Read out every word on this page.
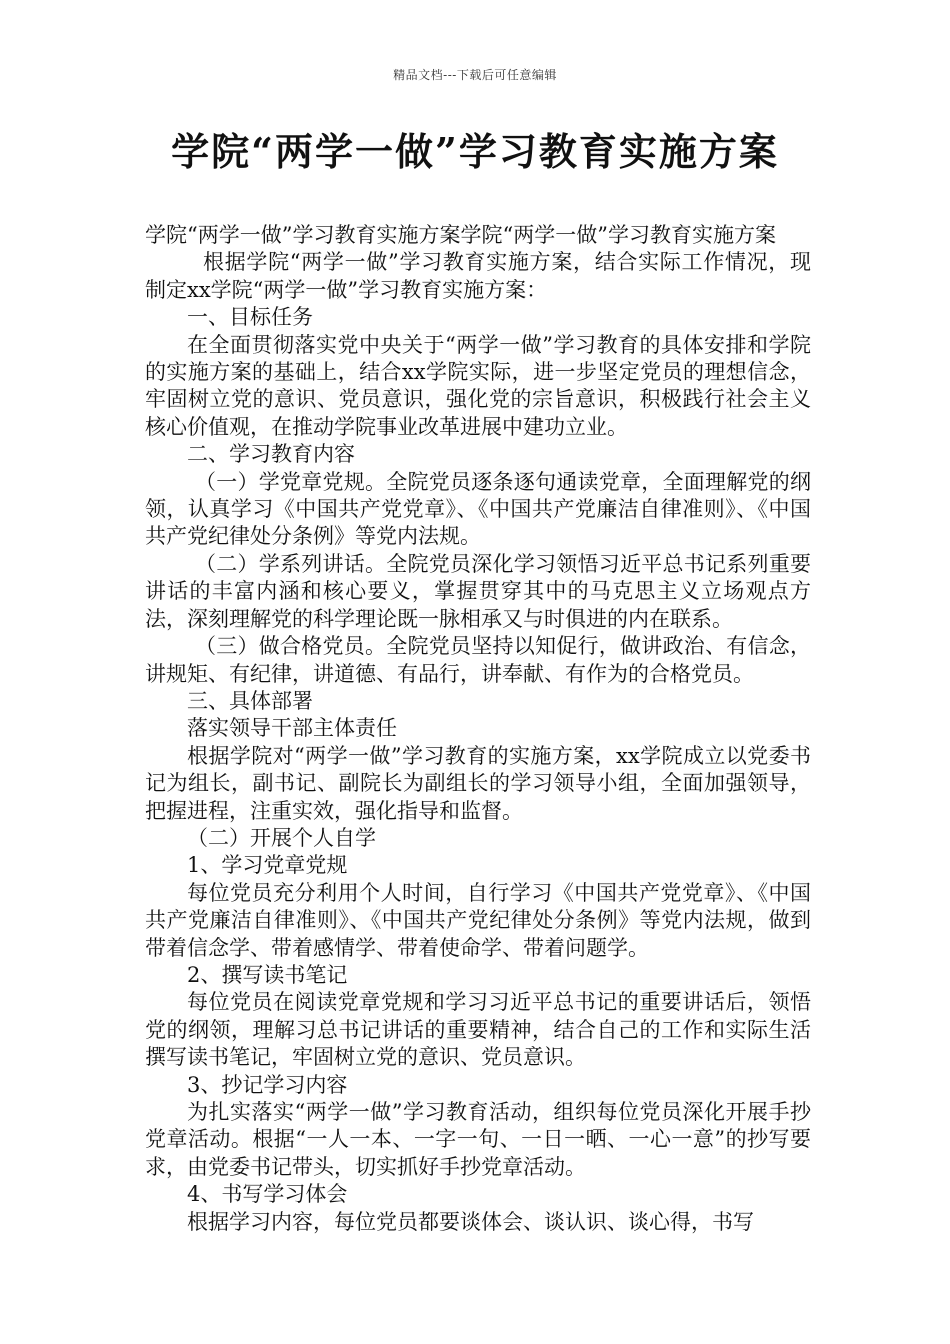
精品文档---下载后可任意编辑
学院“两学一做”学习教育实施方案

学院“两学一做”学习教育实施方案学院“两学一做”学习教育实施方案

根据学院“两学一做”学习教育实施方案，结合实际工作情况，现制定xx学院“两学一做”学习教育实施方案：

一、目标任务

在全面贯彻落实党中央关于“两学一做”学习教育的具体安排和学院的实施方案的基础上，结合xx学院实际，进一步坚定党员的理想信念，牢固树立党的意识、党员意识，强化党的宗旨意识，积极践行社会主义核心价值观，在推动学院事业改革进展中建功立业。

二、学习教育内容

（一）学党章党规。全院党员逐条逐句通读党章，全面理解党的纲领，认真学习《中国共产党党章》、《中国共产党廉洁自律准则》、《中国共产党纪律处分条例》等党内法规。

（二）学系列讲话。全院党员深化学习领悟习近平总书记系列重要讲话的丰富内涵和核心要义，掌握贯穿其中的马克思主义立场观点方法，深刻理解党的科学理论既一脉相承又与时俱进的内在联系。

（三）做合格党员。全院党员坚持以知促行，做讲政治、有信念，讲规矩、有纪律，讲道德、有品行，讲奉献、有作为的合格党员。

三、具体部署

落实领导干部主体责任

根据学院对“两学一做”学习教育的实施方案，xx学院成立以党委书记为组长，副书记、副院长为副组长的学习领导小组，全面加强领导，把握进程，注重实效，强化指导和监督。

（二）开展个人自学

1、学习党章党规

每位党员充分利用个人时间，自行学习《中国共产党党章》、《中国共产党廉洁自律准则》、《中国共产党纪律处分条例》等党内法规，做到带着信念学、带着感情学、带着使命学、带着问题学。

2、撰写读书笔记

每位党员在阅读党章党规和学习习近平总书记的重要讲话后，领悟党的纲领，理解习总书记讲话的重要精神，结合自己的工作和实际生活撰写读书笔记，牢固树立党的意识、党员意识。

3、抄记学习内容

为扎实落实“两学一做”学习教育活动，组织每位党员深化开展手抄党章活动。根据“一人一本、一字一句、一日一晒、一心一意”的抄写要求，由党委书记带头，切实抓好手抄党章活动。

4、书写学习体会

根据学习内容，每位党员都要谈体会、谈认识、谈心得，书写
